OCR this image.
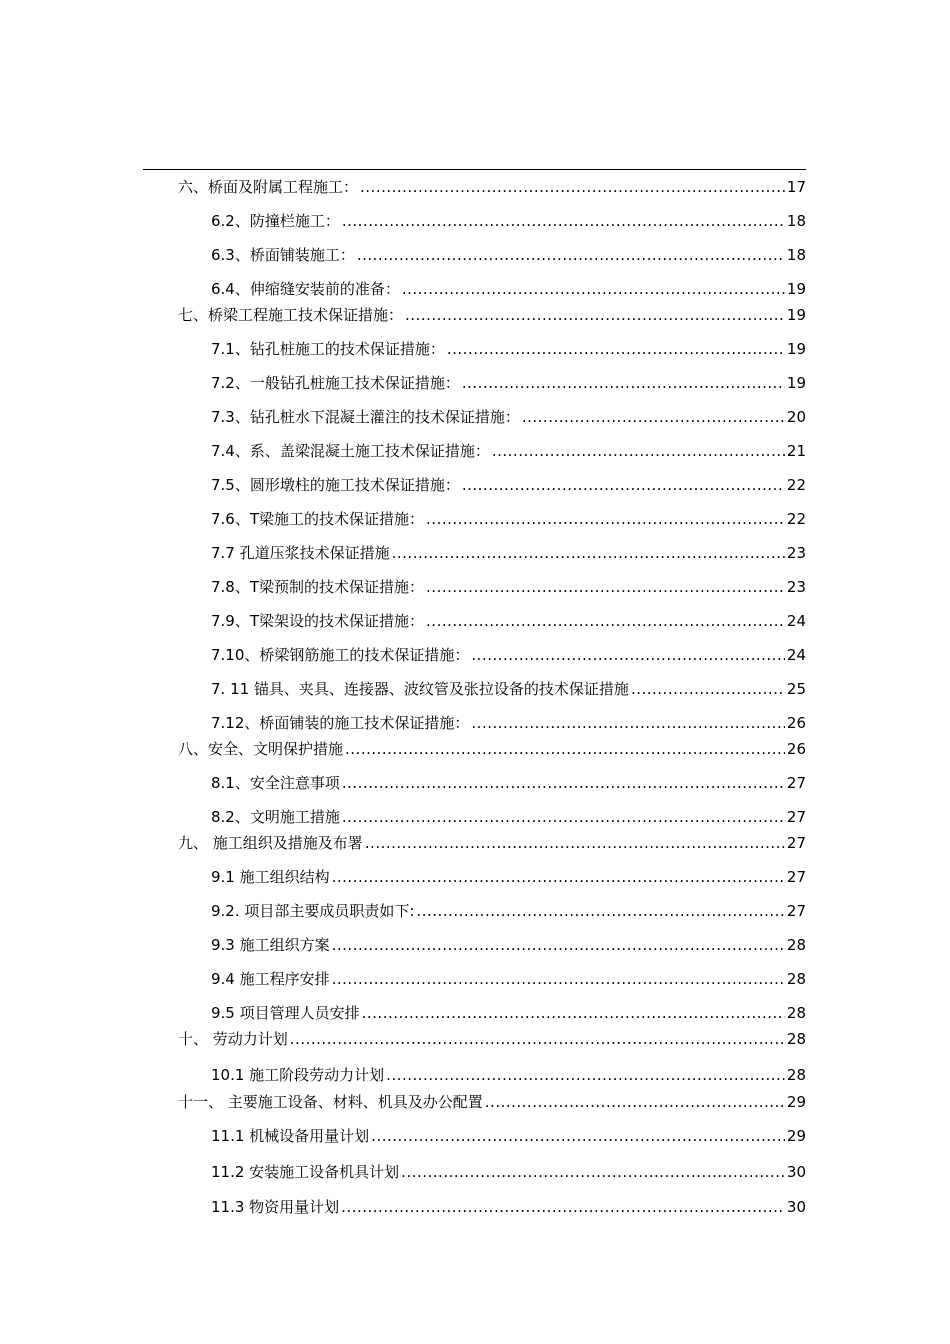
六、桥面及附属工程施工： .....	17
6.2、防撞栏施工： .....	18
6.3、桥面铺装施工： .....	18
6.4、伸缩缝安装前的准备： .....	19
七、桥梁工程施工技术保证措施： .....	19
7.1、钻孔桩施工的技术保证措施： .....	19
7.2、一般钻孔桩施工技术保证措施： .....	19
7.3、钻孔桩水下混凝土灌注的技术保证措施： .....	20
7.4、系、盖梁混凝土施工技术保证措施： .....	21
7.5、圆形墩柱的施工技术保证措施： .....	22
7.6、T梁施工的技术保证措施： .....	22
7.7 孔道压浆技术保证措施 .....	23
7.8、T梁预制的技术保证措施： .....	23
7.9、T梁架设的技术保证措施： .....	24
7.10、桥梁钢筋施工的技术保证措施： .....	24
7. 11 锚具、夹具、连接器、波纹管及张拉设备的技术保证措施 .....	25
7.12、桥面铺装的施工技术保证措施： .....	26
八、安全、文明保护措施 .....	26
8.1、安全注意事项 .....	27
8.2、文明施工措施 .....	27
九、 施工组织及措施及布署 .....	27
9.1 施工组织结构 .....	27
9.2. 项目部主要成员职责如下: .....	27
9.3 施工组织方案 .....	28
9.4 施工程序安排 .....	28
9.5 项目管理人员安排 .....	28
十、 劳动力计划 .....	28
10.1 施工阶段劳动力计划 .....	28
十一、 主要施工设备、材料、机具及办公配置 .....	29
11.1 机械设备用量计划 .....	29
11.2 安装施工设备机具计划 .....	30
11.3 物资用量计划 .....	30
